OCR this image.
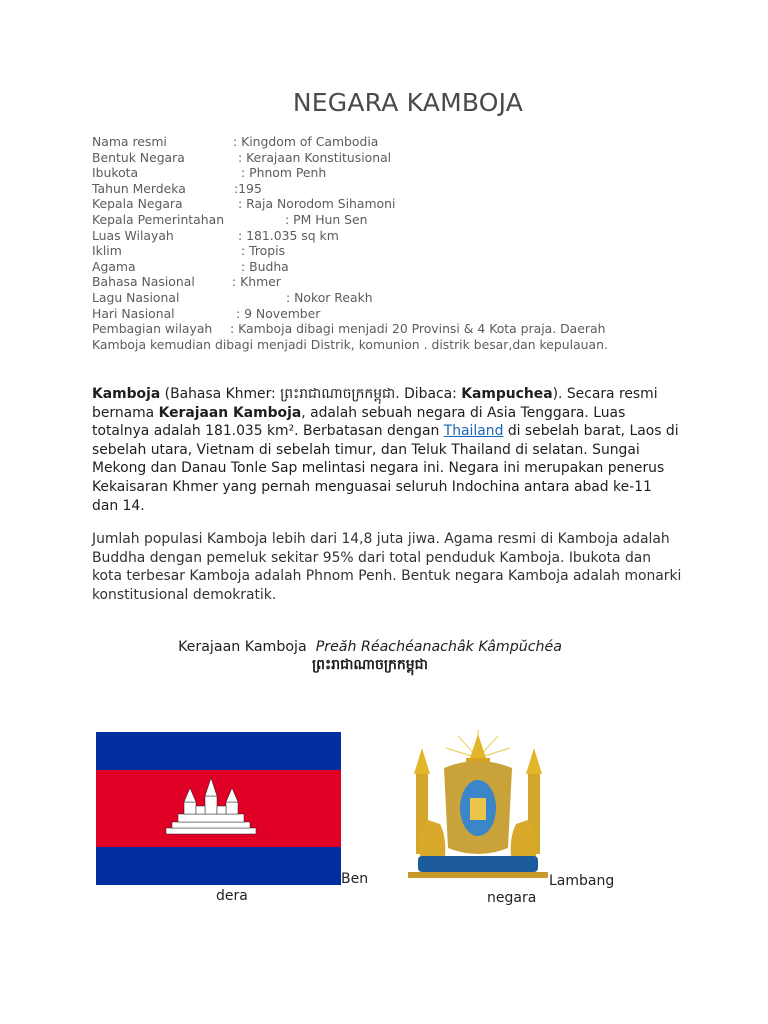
NEGARA KAMBOJA
Nama resmi	: Kingdom of Cambodia
Bentuk Negara	: Kerajaan Konstitusional
Ibukota	: Phnom Penh
Tahun Merdeka	:195
Kepala Negara	: Raja Norodom Sihamoni
Kepala Pemerintahan	: PM Hun Sen
Luas Wilayah	: 181.035 sq km
Iklim	: Tropis
Agama	: Budha
Bahasa Nasional	: Khmer
Lagu Nasional	: Nokor Reakh
Hari Nasional	: 9 November
Pembagian wilayah	: Kamboja dibagi menjadi 20 Provinsi & 4 Kota praja. Daerah Kamboja kemudian dibagi menjadi Distrik, komunion . distrik besar,dan kepulauan.

Kamboja (Bahasa Khmer: ព្រះរាជាណាចក្រកម្ពុជា. Dibaca: Kampuchea). Secara resmi bernama Kerajaan Kamboja, adalah sebuah negara di Asia Tenggara. Luas totalnya adalah 181.035 km². Berbatasan dengan Thailand di sebelah barat, Laos di sebelah utara, Vietnam di sebelah timur, dan Teluk Thailand di selatan. Sungai Mekong dan Danau Tonle Sap melintasi negara ini. Negara ini merupakan penerus Kekaisaran Khmer yang pernah menguasai seluruh Indochina antara abad ke-11 dan 14.

Jumlah populasi Kamboja lebih dari 14,8 juta jiwa. Agama resmi di Kamboja adalah Buddha dengan pemeluk sekitar 95% dari total penduduk Kamboja. Ibukota dan kota terbesar Kamboja adalah Phnom Penh. Bentuk negara Kamboja adalah monarki konstitusional demokratik.

Kerajaan Kamboja Preăh Réachéanachâk Kâmpŭchéa
ព្រះរាជាណាចក្រកម្ពុជា
Ben
dera
Lambang
negara
